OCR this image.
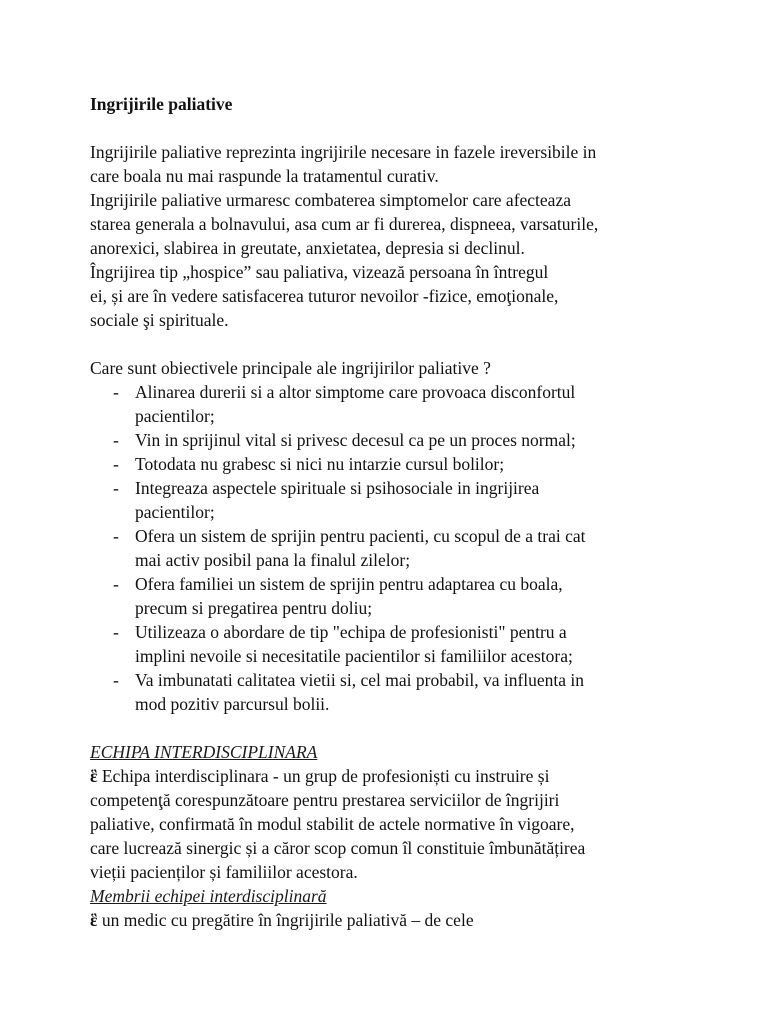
Ingrijirile paliative

Ingrijirile paliative reprezinta ingrijirile necesare in fazele ireversibile in
care boala nu mai raspunde la tratamentul curativ.
Ingrijirile paliative urmaresc combaterea simptomelor care afecteaza
starea generala a bolnavului, asa cum ar fi durerea, dispneea, varsaturile,
anorexici, slabirea in greutate, anxietatea, depresia si declinul.
Îngrijirea tip „hospice” sau paliativa, vizează persoana în întregul
ei, și are în vedere satisfacerea tuturor nevoilor -fizice, emoţionale,
sociale şi spirituale.

Care sunt obiectivele principale ale ingrijirilor paliative ?

- Alinarea durerii si a altor simptome care provoaca disconfortul
pacientilor;
- Vin in sprijinul vital si privesc decesul ca pe un proces normal;
- Totodata nu grabesc si nici nu intarzie cursul bolilor;
- Integreaza aspectele spirituale si psihosociale in ingrijirea
pacientilor;
- Ofera un sistem de sprijin pentru pacienti, cu scopul de a trai cat
mai activ posibil pana la finalul zilelor;
- Ofera familiei un sistem de sprijin pentru adaptarea cu boala,
precum si pregatirea pentru doliu;
- Utilizeaza o abordare de tip "echipa de profesionisti" pentru a
implini nevoile si necesitatile pacientilor si familiilor acestora;
- Va imbunatati calitatea vietii si, cel mai probabil, va influenta in
mod pozitiv parcursul bolii.

ECHIPA INTERDISCIPLINARA

ἓ Echipa interdisciplinara - un grup de profesioniști cu instruire și
competenţă corespunzătoare pentru prestarea serviciilor de îngrijiri
paliative, confirmată în modul stabilit de actele normative în vigoare,
care lucrează sinergic și a căror scop comun îl constituie îmbunătățirea
vieții pacienților și familiilor acestora.

Membrii echipei interdisciplinară

ἓ un medic cu pregătire în îngrijirile paliativă – de cele
